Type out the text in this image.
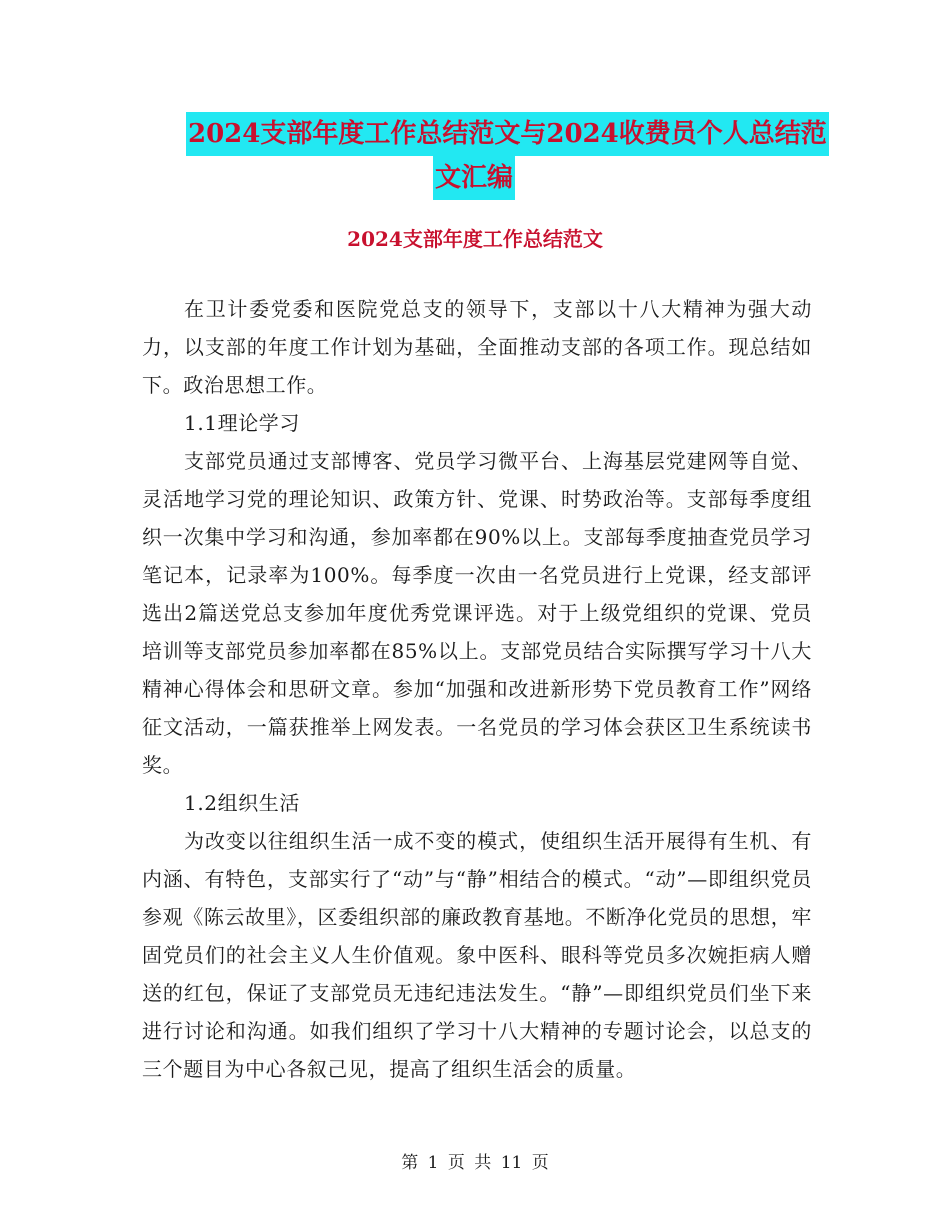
2024支部年度工作总结范文与2024收费员个人总结范
文汇编
2024支部年度工作总结范文

在卫计委党委和医院党总支的领导下，支部以十八大精神为强大动力，以支部的年度工作计划为基础，全面推动支部的各项工作。现总结如下。政治思想工作。

1.1理论学习

支部党员通过支部博客、党员学习微平台、上海基层党建网等自觉、灵活地学习党的理论知识、政策方针、党课、时势政治等。支部每季度组织一次集中学习和沟通，参加率都在90%以上。支部每季度抽查党员学习笔记本，记录率为100%。每季度一次由一名党员进行上党课，经支部评选出2篇送党总支参加年度优秀党课评选。对于上级党组织的党课、党员培训等支部党员参加率都在85%以上。支部党员结合实际撰写学习十八大精神心得体会和思研文章。参加“加强和改进新形势下党员教育工作”网络征文活动，一篇获推举上网发表。一名党员的学习体会获区卫生系统读书奖。

1.2组织生活

为改变以往组织生活一成不变的模式，使组织生活开展得有生机、有内涵、有特色，支部实行了“动”与“静”相结合的模式。“动”—即组织党员参观《陈云故里》，区委组织部的廉政教育基地。不断净化党员的思想，牢固党员们的社会主义人生价值观。象中医科、眼科等党员多次婉拒病人赠送的红包，保证了支部党员无违纪违法发生。“静”—即组织党员们坐下来进行讨论和沟通。如我们组织了学习十八大精神的专题讨论会，以总支的三个题目为中心各叙己见，提高了组织生活会的质量。

第 1 页 共 11 页
